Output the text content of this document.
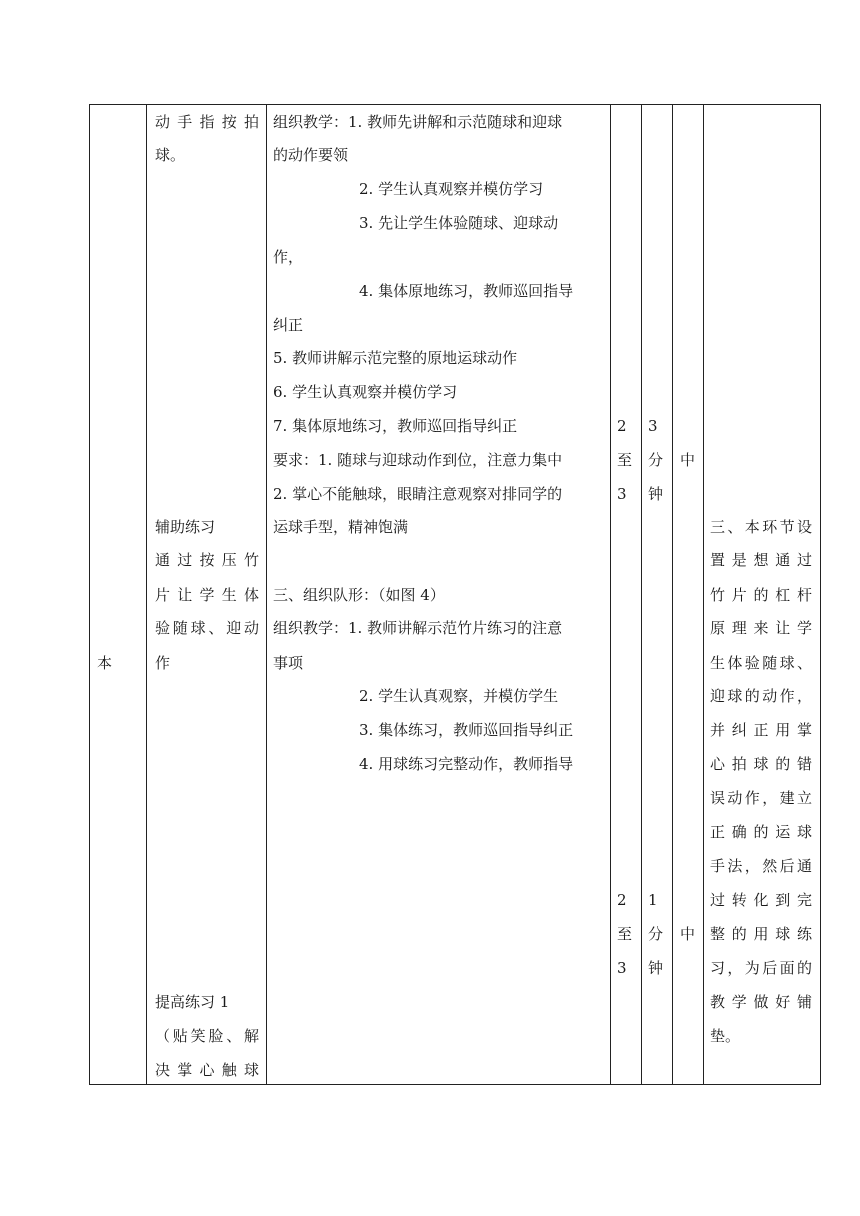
本
动手指按拍
球。
辅助练习
通过按压竹
片让学生体
验随球、迎动
作
提高练习 1
（贴笑脸、解
决掌心触球
组织教学：1. 教师先讲解和示范随球和迎球
的动作要领
2. 学生认真观察并模仿学习
3. 先让学生体验随球、迎球动
作，
4. 集体原地练习，教师巡回指导
纠正
5. 教师讲解示范完整的原地运球动作
6. 学生认真观察并模仿学习
7. 集体原地练习，教师巡回指导纠正
要求：1. 随球与迎球动作到位，注意力集中
2. 掌心不能触球，眼睛注意观察对排同学的
运球手型，精神饱满
三、组织队形：（如图 4）
组织教学：1. 教师讲解示范竹片练习的注意
事项
2. 学生认真观察，并模仿学生
3. 集体练习，教师巡回指导纠正
4. 用球练习完整动作，教师指导
2
至
3
2
至
3
3
分
钟
1
分
钟
中
中
三、本环节设
置是想通过
竹片的杠杆
原理来让学
生体验随球、
迎球的动作，
并纠正用掌
心拍球的错
误动作，建立
正确的运球
手法，然后通
过转化到完
整的用球练
习，为后面的
教学做好铺
垫。
